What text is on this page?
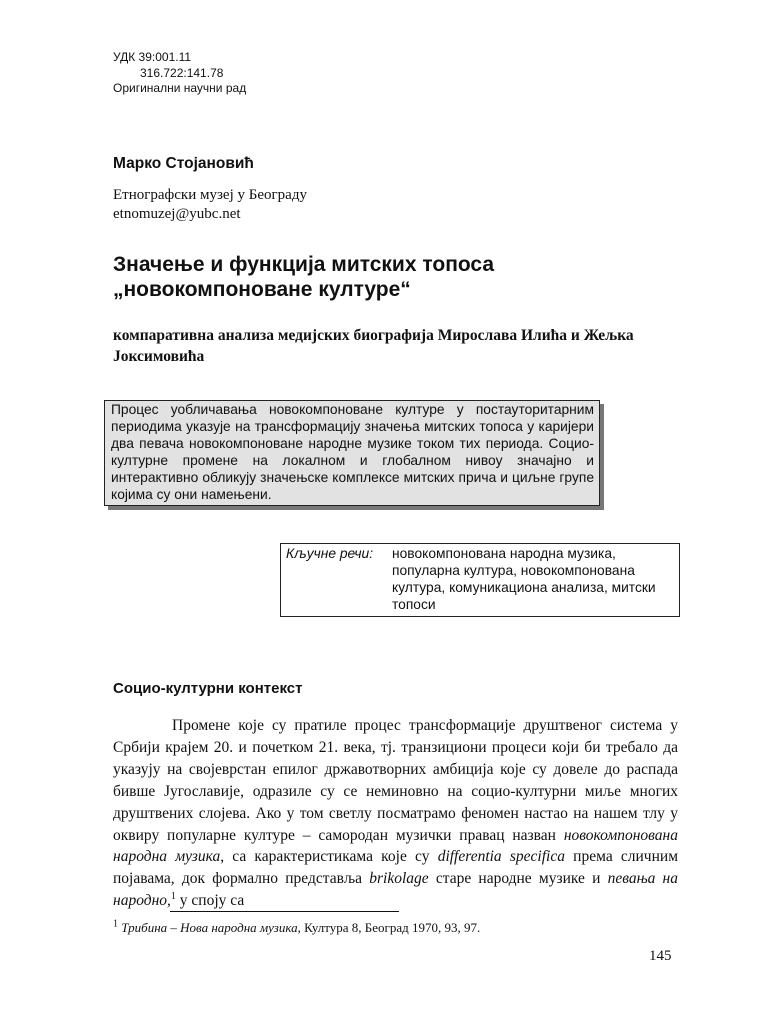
УДК 39:001.11
316.722:141.78
Оригинални научни рад
Марко Стојановић
Етнографски музеј у Београду
etnomuzej@yubc.net
Значење и функција митских топоса
„новокомпоноване културе“
компаративна анализа медијских биографија Мирослава Илића и Жељка Јоксимовића
Процес уобличавања новокомпоноване културе у постауторитарним периодима указује на трансформацију значења митских топоса у каријери два певача новокомпоноване народне музике током тих периода. Социо-културне промене на локалном и глобалном нивоу значајно и интерактивно обликују значењске комплексе митских прича и циљне групе којима су они намењени.
Кључне речи: новокомпонована народна музика, популарна култура, новокомпонована култура, комуникациона анализа, митски топоси
Социо-културни контекст
Промене које су пратиле процес трансформације друштвеног система у Србији крајем 20. и почетком 21. века, тј. транзициони процеси који би требало да указују на својеврстан епилог државотворних амбиција које су довеле до распада бивше Југославије, одразиле су се неминовно на социо-културни миље многих друштвених слојева. Ако у том светлу посматрамо феномен настао на нашем тлу у оквиру популарне културе – самородан музички правац назван новокомпонована народна музика, са карактеристикама које су differentia specifica према сличним појавама, док формално представља brikolage старе народне музике и певања на народно,$^1$ у споју са
$^1$ Трибина – Нова народна музика, Култура 8, Београд 1970, 93, 97.
145
